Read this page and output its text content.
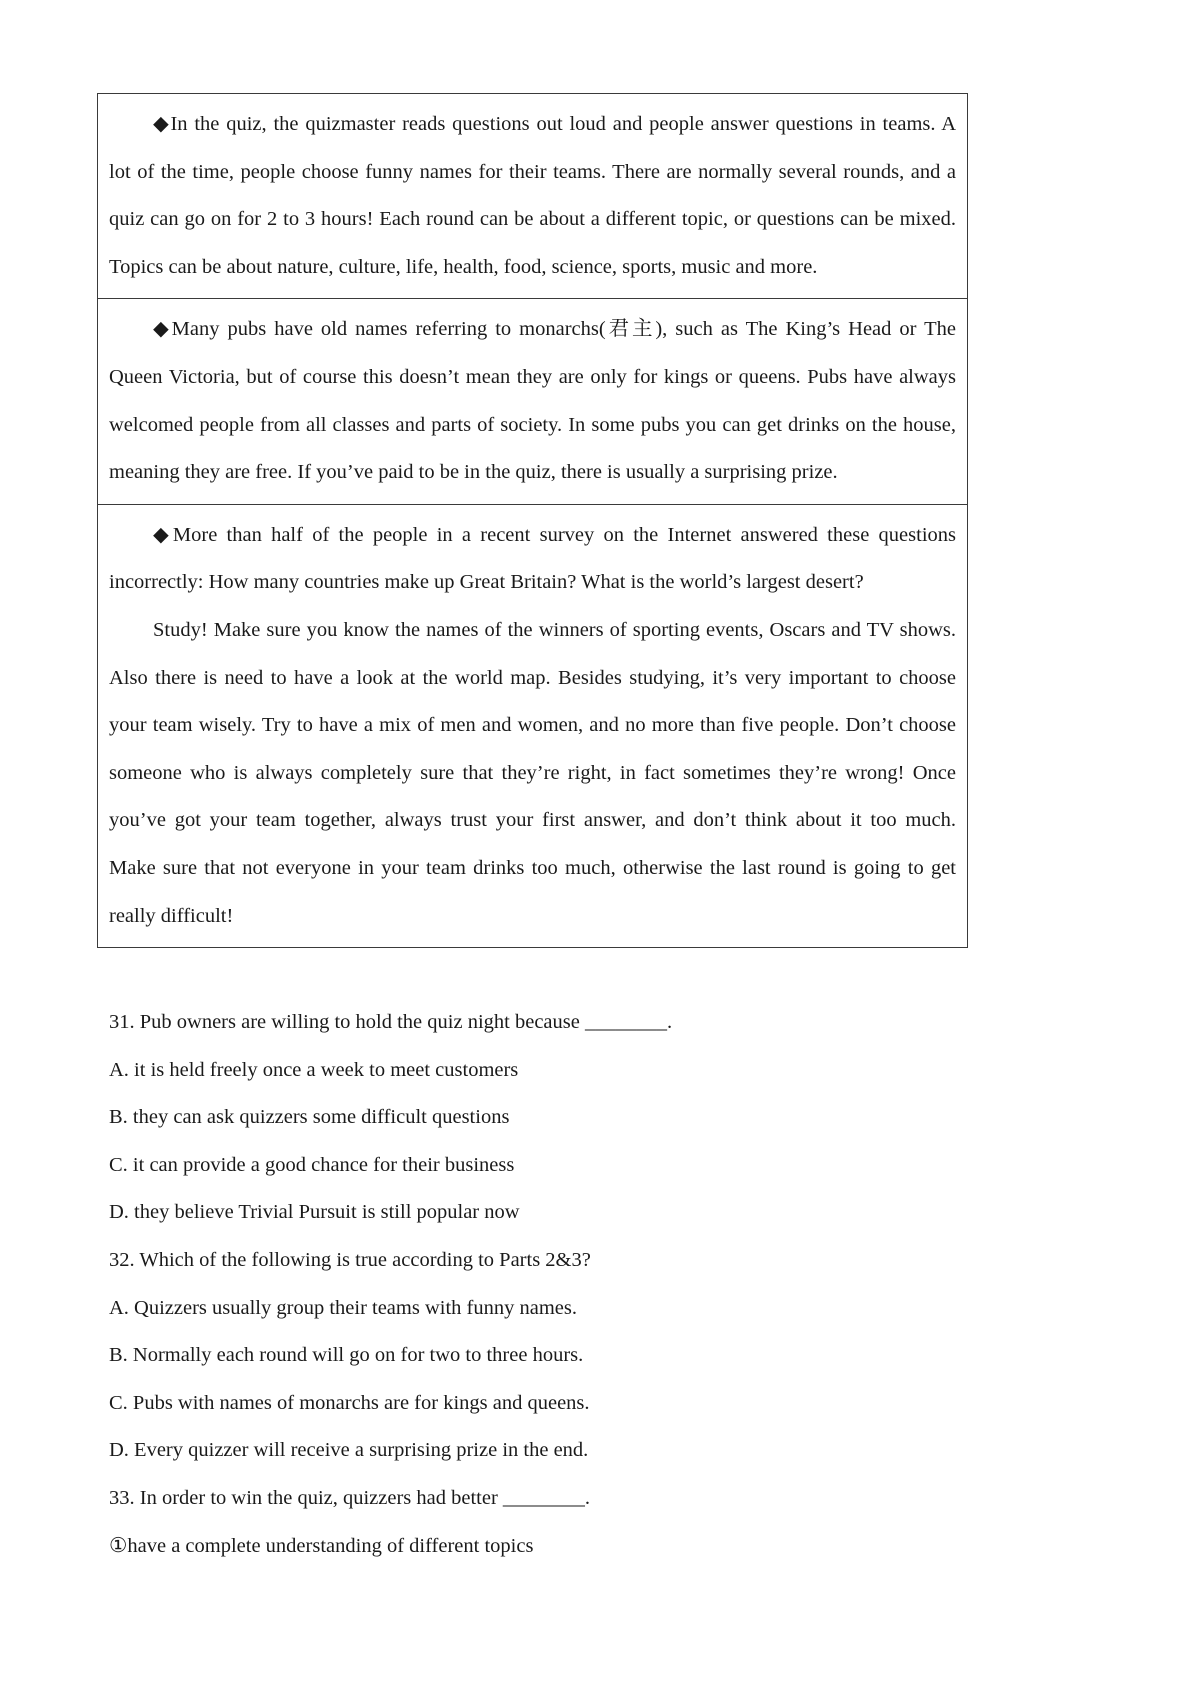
◆In the quiz, the quizmaster reads questions out loud and people answer questions in teams. A
lot of the time, people choose funny names for their teams. There are normally several rounds, and a
quiz can go on for 2 to 3 hours! Each round can be about a different topic, or questions can be mixed.
Topics can be about nature, culture, life, health, food, science, sports, music and more.
◆Many pubs have old names referring to monarchs(君主), such as The King’s Head or The
Queen Victoria, but of course this doesn’t mean they are only for kings or queens. Pubs have always
welcomed people from all classes and parts of society. In some pubs you can get drinks on the house,
meaning they are free. If you’ve paid to be in the quiz, there is usually a surprising prize.
◆More than half of the people in a recent survey on the Internet answered these questions
incorrectly: How many countries make up Great Britain? What is the world’s largest desert?
Study! Make sure you know the names of the winners of sporting events, Oscars and TV shows.
Also there is need to have a look at the world map. Besides studying, it’s very important to choose
your team wisely. Try to have a mix of men and women, and no more than five people. Don’t choose
someone who is always completely sure that they’re right, in fact sometimes they’re wrong! Once
you’ve got your team together, always trust your first answer, and don’t think about it too much.
Make sure that not everyone in your team drinks too much, otherwise the last round is going to get
really difficult!
31. Pub owners are willing to hold the quiz night because ________.
A. it is held freely once a week to meet customers
B. they can ask quizzers some difficult questions
C. it can provide a good chance for their business
D. they believe Trivial Pursuit is still popular now
32. Which of the following is true according to Parts 2&3?
A. Quizzers usually group their teams with funny names.
B. Normally each round will go on for two to three hours.
C. Pubs with names of monarchs are for kings and queens.
D. Every quizzer will receive a surprising prize in the end.
33. In order to win the quiz, quizzers had better ________.
①have a complete understanding of different topics
